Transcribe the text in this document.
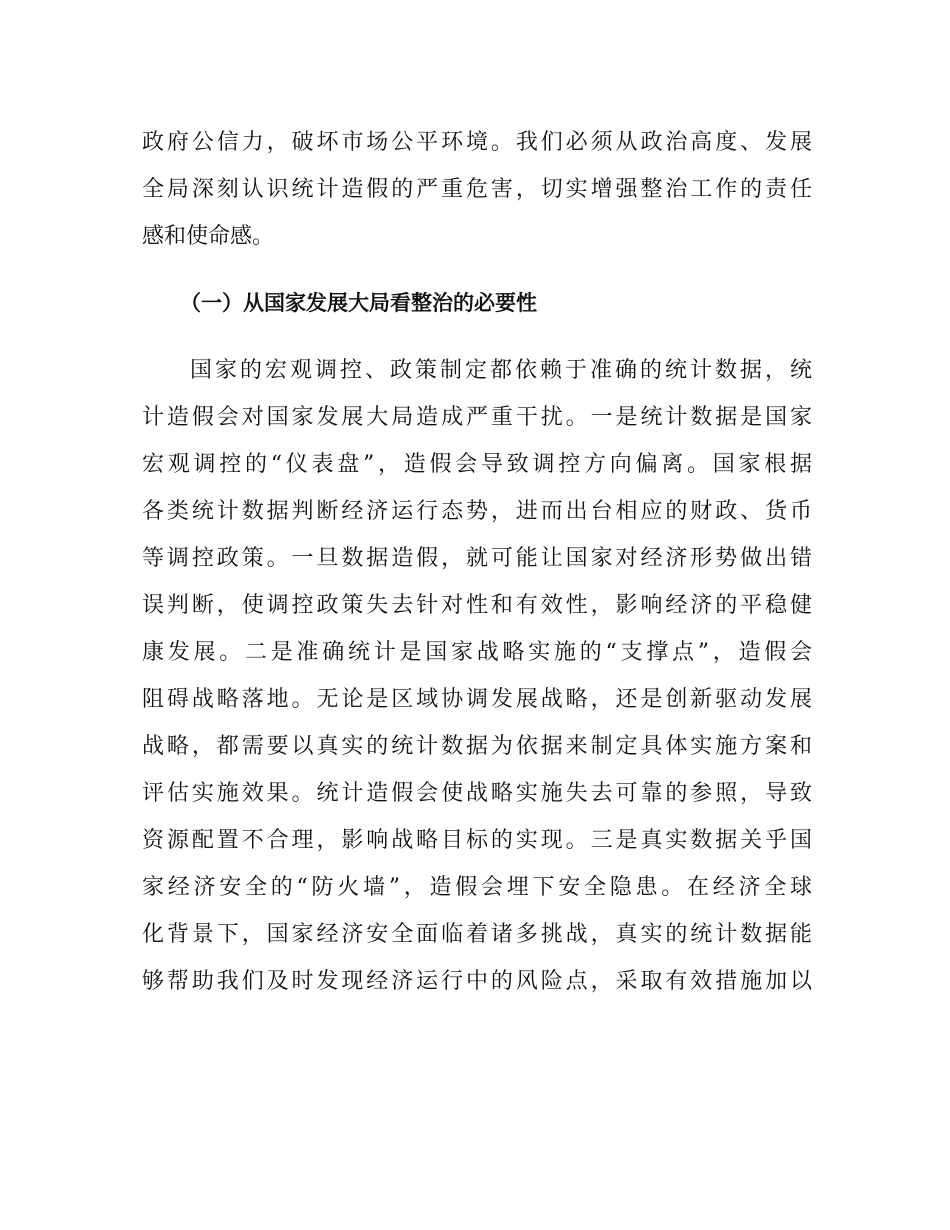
政府公信力，破坏市场公平环境。我们必须从政治高度、发展
全局深刻认识统计造假的严重危害，切实增强整治工作的责任
感和使命感。
（一）从国家发展大局看整治的必要性
国家的宏观调控、政策制定都依赖于准确的统计数据，统
计造假会对国家发展大局造成严重干扰。一是统计数据是国家
宏观调控的“仪表盘”，造假会导致调控方向偏离。国家根据
各类统计数据判断经济运行态势，进而出台相应的财政、货币
等调控政策。一旦数据造假，就可能让国家对经济形势做出错
误判断，使调控政策失去针对性和有效性，影响经济的平稳健
康发展。二是准确统计是国家战略实施的“支撑点”，造假会
阻碍战略落地。无论是区域协调发展战略，还是创新驱动发展
战略，都需要以真实的统计数据为依据来制定具体实施方案和
评估实施效果。统计造假会使战略实施失去可靠的参照，导致
资源配置不合理，影响战略目标的实现。三是真实数据关乎国
家经济安全的“防火墙”，造假会埋下安全隐患。在经济全球
化背景下，国家经济安全面临着诸多挑战，真实的统计数据能
够帮助我们及时发现经济运行中的风险点，采取有效措施加以
